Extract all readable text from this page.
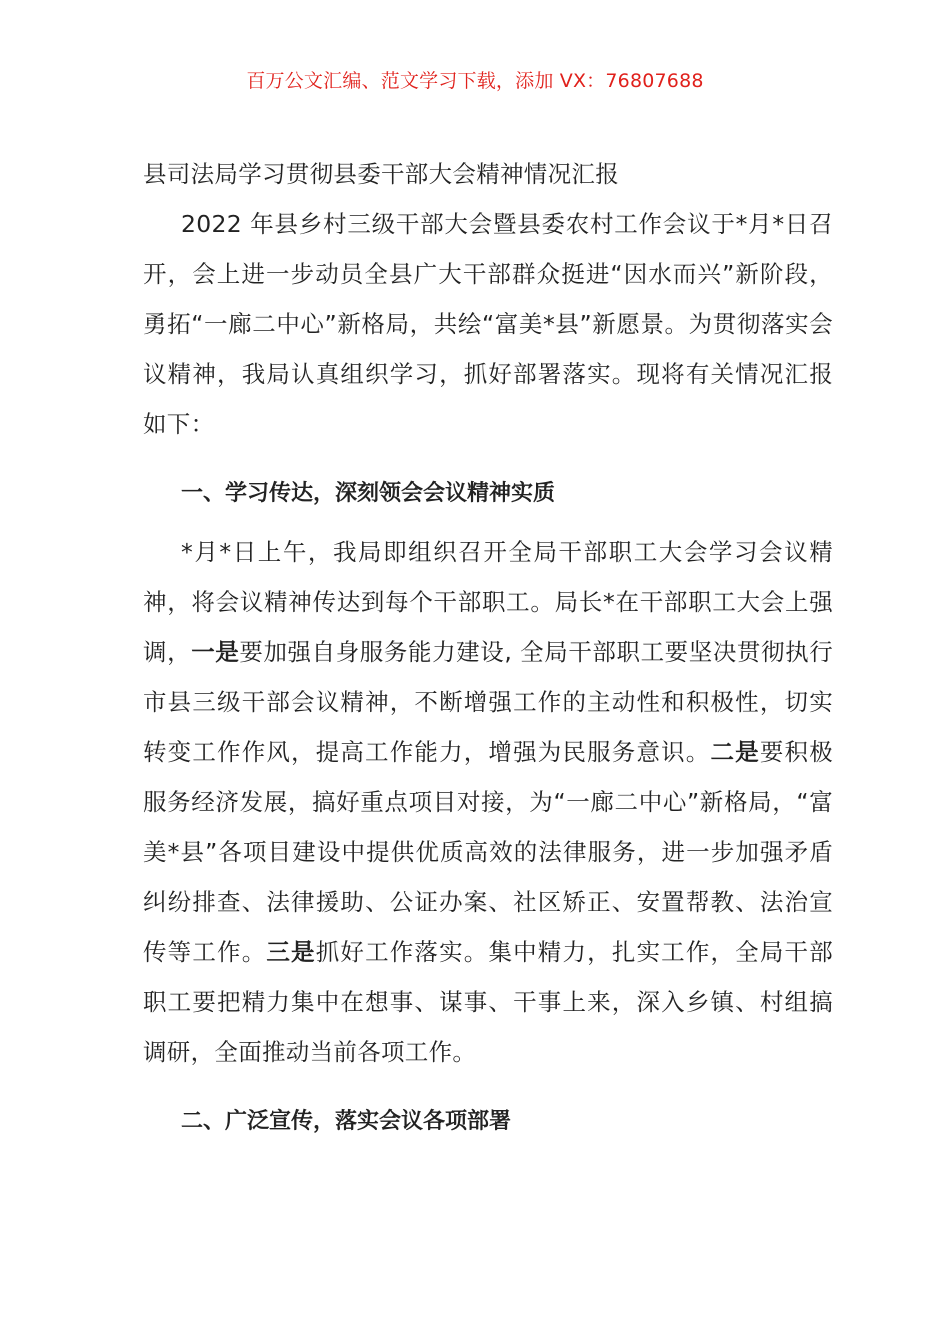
百万公文汇编、范文学习下载，添加 VX：76807688
县司法局学习贯彻县委干部大会精神情况汇报

2022 年县乡村三级干部大会暨县委农村工作会议于*月*日召开，会上进一步动员全县广大干部群众挺进“因水而兴”新阶段，勇拓“一廊二中心”新格局，共绘“富美*县”新愿景。为贯彻落实会议精神，我局认真组织学习，抓好部署落实。现将有关情况汇报如下：

一、学习传达，深刻领会会议精神实质

*月*日上午，我局即组织召开全局干部职工大会学习会议精神，将会议精神传达到每个干部职工。局长*在干部职工大会上强调，一是要加强自身服务能力建设, 全局干部职工要坚决贯彻执行市县三级干部会议精神，不断增强工作的主动性和积极性，切实转变工作作风，提高工作能力，增强为民服务意识。二是要积极服务经济发展，搞好重点项目对接，为“一廊二中心”新格局，“富美*县”各项目建设中提供优质高效的法律服务，进一步加强矛盾纠纷排查、法律援助、公证办案、社区矫正、安置帮教、法治宣传等工作。三是抓好工作落实。集中精力，扎实工作，全局干部职工要把精力集中在想事、谋事、干事上来，深入乡镇、村组搞调研，全面推动当前各项工作。

二、广泛宣传，落实会议各项部署
